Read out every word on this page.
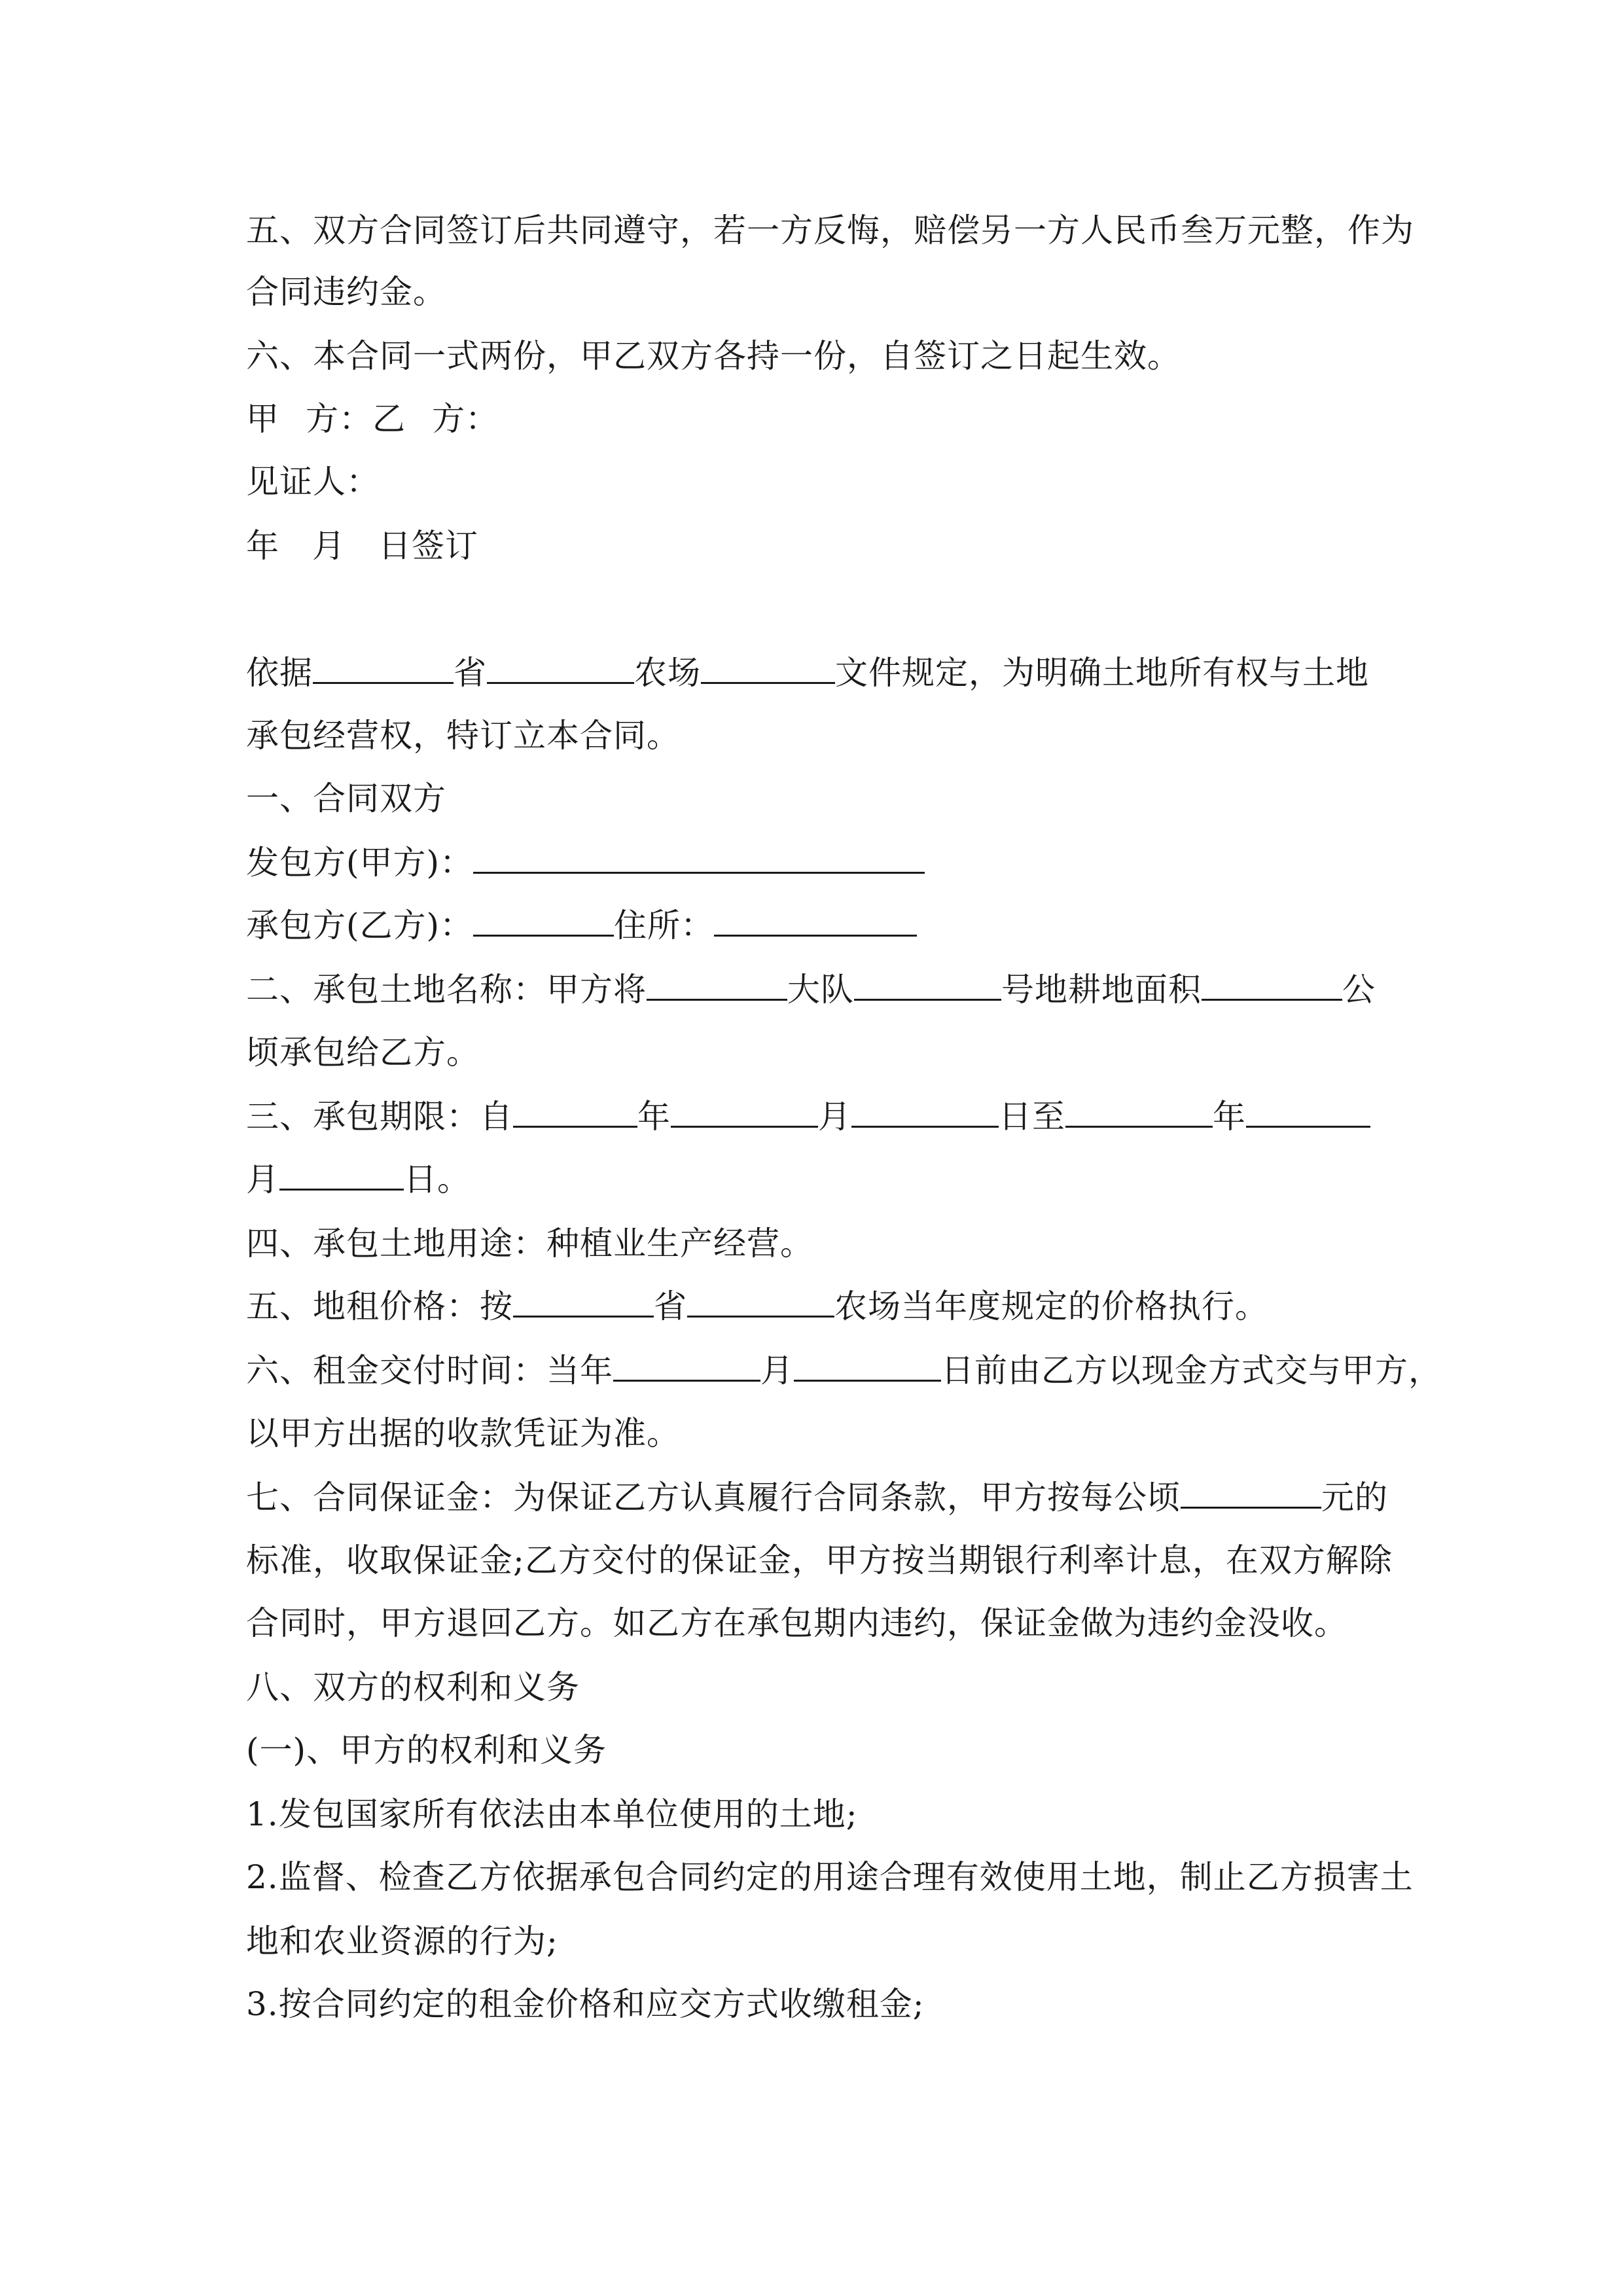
五、双方合同签订后共同遵守，若一方反悔，赔偿另一方人民币叁万元整，作为
合同违约金。
六、本合同一式两份，甲乙双方各持一份，自签订之日起生效。
甲 方：乙 方：
见证人：
年 月 日签订
依据	省	农场	文件规定，为明确土地所有权与土地
承包经营权，特订立本合同。
一、合同双方
发包方(甲方)：
承包方(乙方)：	住所：
二、承包土地名称：甲方将	大队	号地耕地面积	公
顷承包给乙方。
三、承包期限：自	年	月	日至	年
月	日。
四、承包土地用途：种植业生产经营。
五、地租价格：按	省	农场当年度规定的价格执行。
六、租金交付时间：当年	月	日前由乙方以现金方式交与甲方，
以甲方出据的收款凭证为准。
七、合同保证金：为保证乙方认真履行合同条款，甲方按每公顷	元的
标准，收取保证金;乙方交付的保证金，甲方按当期银行利率计息，在双方解除
合同时，甲方退回乙方。如乙方在承包期内违约，保证金做为违约金没收。
八、双方的权利和义务
(一)、甲方的权利和义务
1.发包国家所有依法由本单位使用的土地;
2.监督、检查乙方依据承包合同约定的用途合理有效使用土地，制止乙方损害土
地和农业资源的行为;
3.按合同约定的租金价格和应交方式收缴租金;
